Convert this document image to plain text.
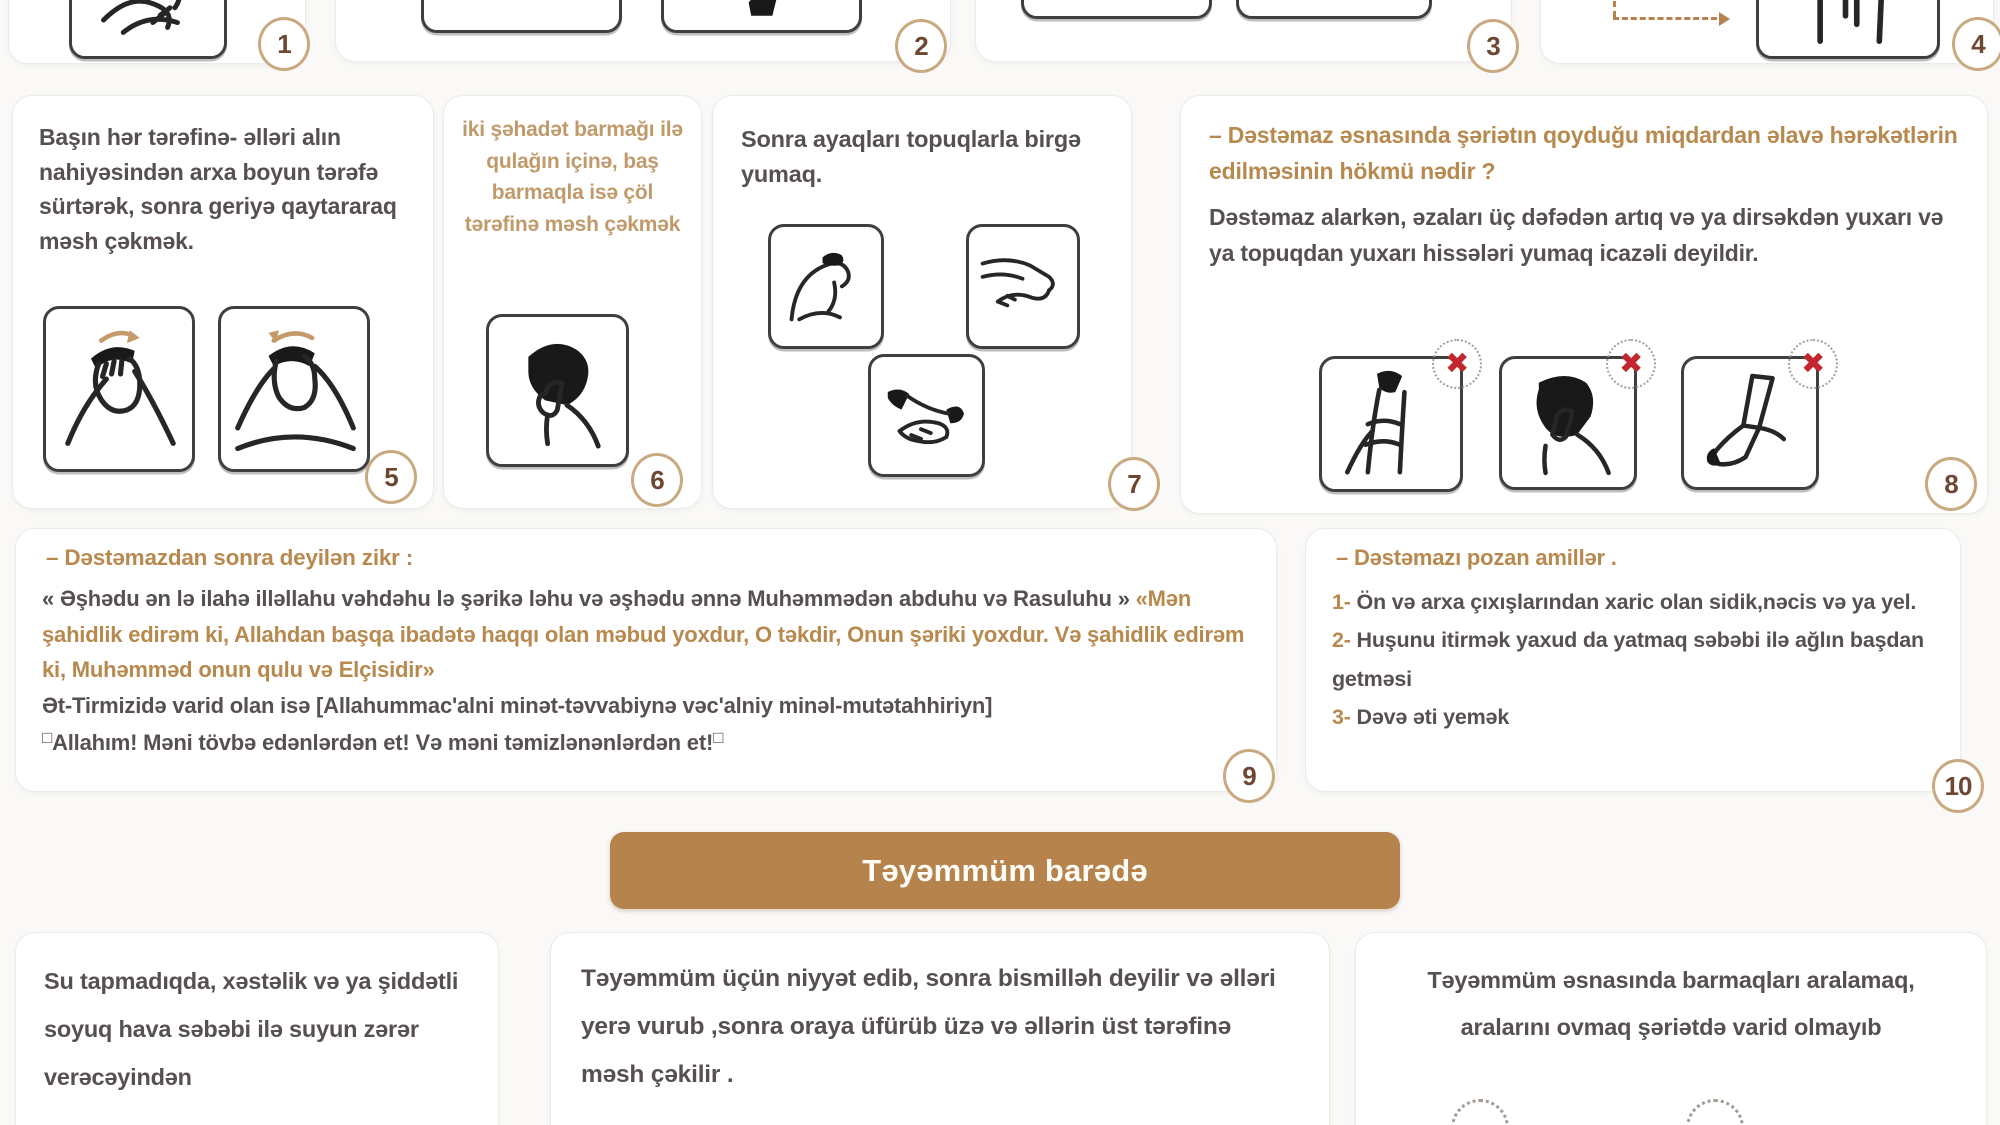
Başın hər tərəfinə- əlləri alın nahiyəsindən arxa boyun tərəfə sürtərək, sonra geriyə qaytararaq məsh çəkmək.
iki şəhadət barmağı ilə qulağın içinə, baş barmaqla isə çöl tərəfinə məsh çəkmək
Sonra ayaqları topuqlarla birgə yumaq.
– Dəstəmaz əsnasında şəriətın qoyduğu miqdardan əlavə hərəkətlərin edilməsinin hökmü nədir ?
Dəstəmaz alarkən, əzaları üç dəfədən artıq və ya dirsəkdən yuxarı və ya topuqdan yuxarı hissələri yumaq icazəli deyildir.
✖	✖	✖
– Dəstəmazdan sonra deyilən zikr :
« Əşhədu ən lə ilahə illəllahu vəhdəhu lə şərikə ləhu və əşhədu ənnə Muhəmmədən abduhu və Rasuluhu » «Mən şahidlik edirəm ki, Allahdan başqa ibadətə haqqı olan məbud yoxdur, O təkdir, Onun şəriki yoxdur. Və şahidlik edirəm ki, Muhəmməd onun qulu və Elçisidir»
Ət-Tirmizidə varid olan isə [Allahummac'alni minət-təvvabiynə vəc'alniy minəl-mutətahhiriyn]
□Allahım! Məni tövbə edənlərdən et! Və məni təmizlənənlərdən et!□
– Dəstəmazı pozan amillər .
1- Ön və arxa çıxışlarından xaric olan sidik,nəcis və ya yel.
2- Huşunu itirmək yaxud da yatmaq səbəbi ilə ağlın başdan getməsi
3- Dəvə əti yemək
Təyəmmüm barədə
Su tapmadıqda, xəstəlik və ya şiddətli soyuq hava səbəbi ilə suyun zərər verəcəyindən
Təyəmmüm üçün niyyət edib, sonra bismilləh deyilir və əlləri yerə vurub ,sonra oraya üfürüb üzə və əllərin üst tərəfinə məsh çəkilir .
Təyəmmüm əsnasında barmaqları aralamaq, aralarını ovmaq şəriətdə varid olmayıb
1	2	3	4
5	6	7	8
9	10
